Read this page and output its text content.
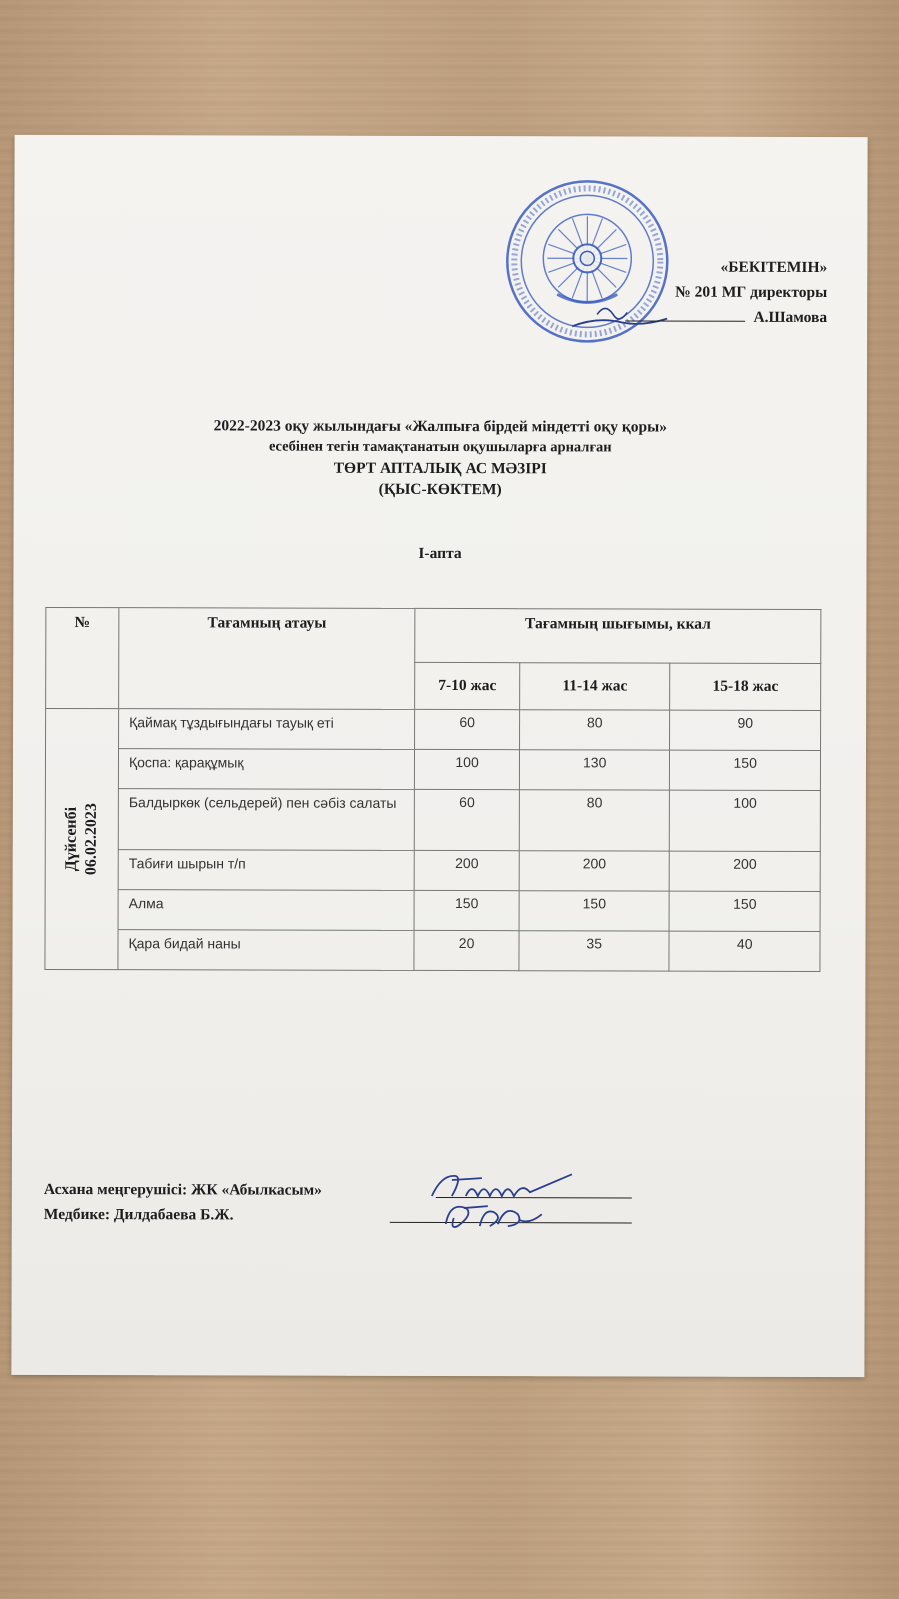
«БЕКІТЕМІН»
№ 201 МГ директоры
А.Шамова
2022-2023 оқу жылындағы «Жалпыға бірдей міндетті оқу қоры»
есебінен тегін тамақтанатын оқушыларға арналған
ТӨРТ АПТАЛЫҚ АС МӘЗІРІ
(ҚЫС-КӨКТЕМ)
І-апта
№	Тағамның атауы	Тағамның шығымы, ккал		
		7-10 жас	11-14 жас	15-18 жас
Дүйсенбі 06.02.2023	Қаймақ тұздығындағы тауық еті	60	80	90
	Қоспа: қарақұмық	100	130	150
	Балдыркөк (сельдерей) пен сәбіз салаты	60	80	100
	Табиғи шырын т/п	200	200	200
	Алма	150	150	150
	Қара бидай наны	20	35	40
Асхана меңгерушісі: ЖК «Абылкасым»
Медбике: Дилдабаева Б.Ж.
